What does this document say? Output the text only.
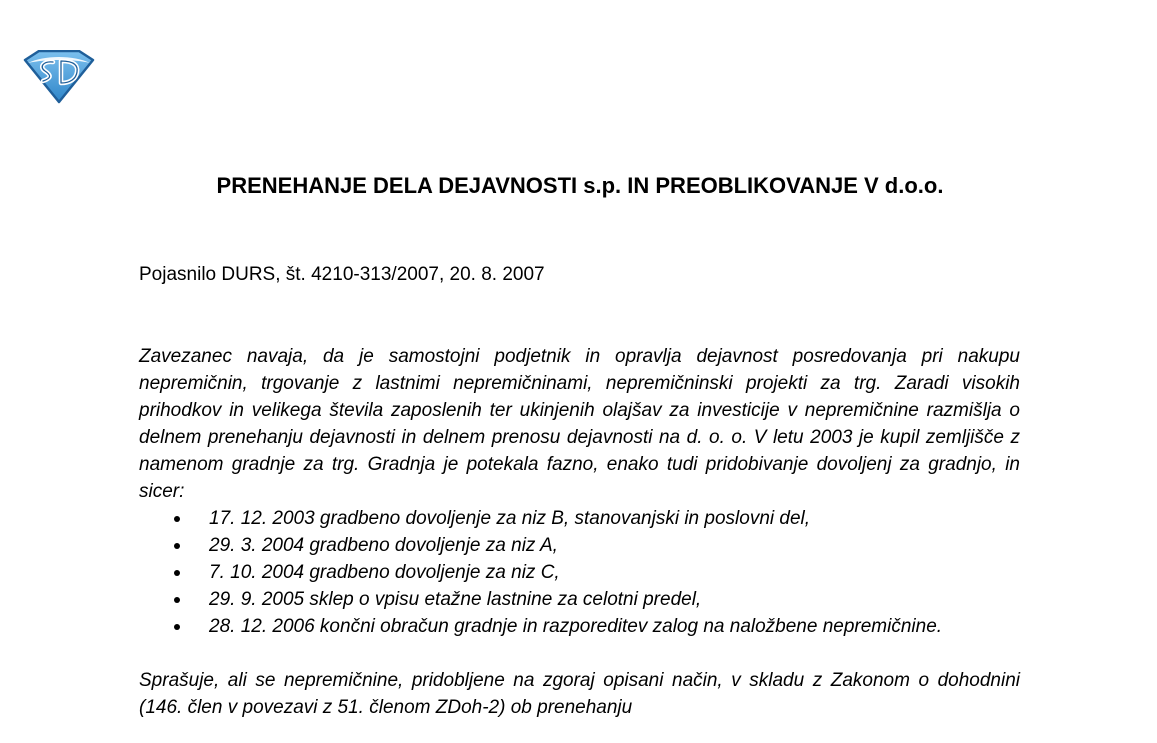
PRENEHANJE DELA DEJAVNOSTI s.p. IN PREOBLIKOVANJE V d.o.o.

Pojasnilo DURS, št. 4210-313/2007, 20. 8. 2007

Zavezanec navaja, da je samostojni podjetnik in opravlja dejavnost posredovanja pri nakupu nepremičnin, trgovanje z lastnimi nepremičninami, nepremičninski projekti za trg. Zaradi visokih prihodkov in velikega števila zaposlenih ter ukinjenih olajšav za investicije v nepremičnine razmišlja o delnem prenehanju dejavnosti in delnem prenosu dejavnosti na d. o. o. V letu 2003 je kupil zemljišče z namenom gradnje za trg. Gradnja je potekala fazno, enako tudi pridobivanje dovoljenj za gradnjo, in sicer:

17. 12. 2003 gradbeno dovoljenje za niz B, stanovanjski in poslovni del,
29. 3. 2004 gradbeno dovoljenje za niz A,
7. 10. 2004 gradbeno dovoljenje za niz C,
29. 9. 2005 sklep o vpisu etažne lastnine za celotni predel,
28. 12. 2006 končni obračun gradnje in razporeditev zalog na naložbene nepremičnine.

Sprašuje, ali se nepremičnine, pridobljene na zgoraj opisani način, v skladu z Zakonom o dohodnini (146. člen v povezavi z 51. členom ZDoh-2) ob prenehanju
